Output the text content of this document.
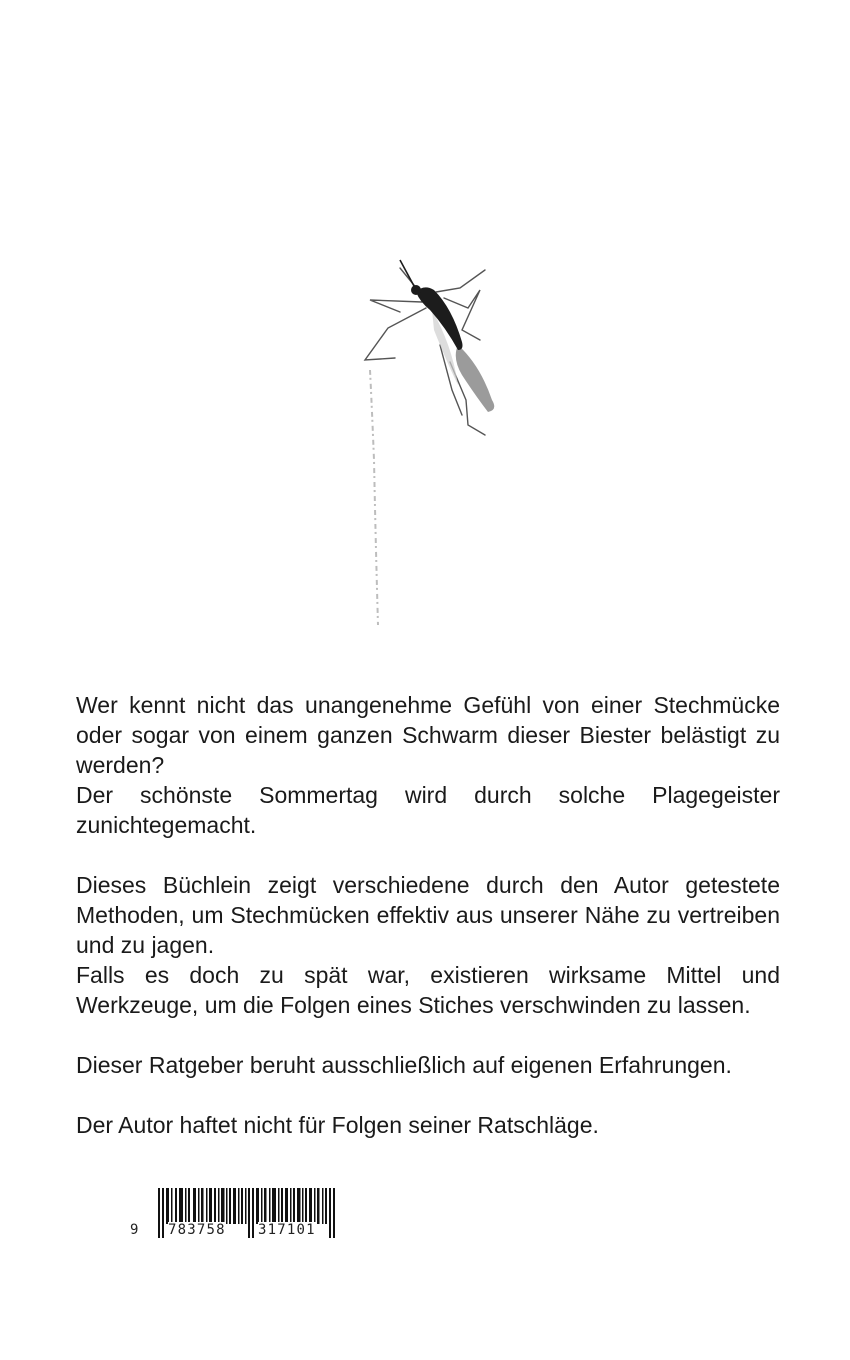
Wer kennt nicht das unangenehme Gefühl von einer Stechmücke oder sogar von einem ganzen Schwarm dieser Biester belästigt zu werden?

Der schönste Sommertag wird durch solche Plagegeister zunichtegemacht.

Dieses Büchlein zeigt verschiedene durch den Autor getestete Methoden, um Stechmücken effektiv aus unserer Nähe zu vertreiben und zu jagen.

Falls es doch zu spät war, existieren wirksame Mittel und Werkzeuge, um die Folgen eines Stiches verschwinden zu lassen.

Dieser Ratgeber beruht ausschließlich auf eigenen Erfahrungen.

Der Autor haftet nicht für Folgen seiner Ratschläge.

9 783758 317101
